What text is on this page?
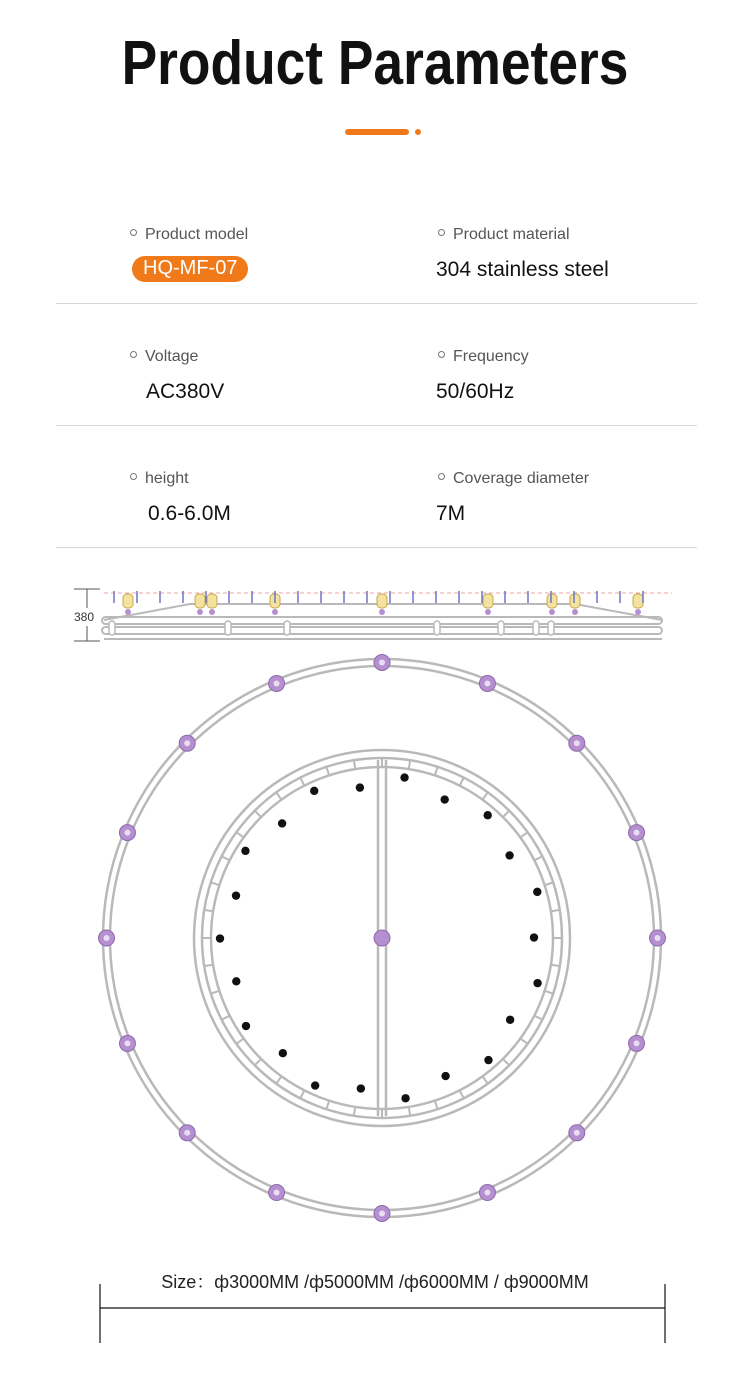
Product Parameters
Product model
HQ-MF-07
Product material
304 stainless steel
Voltage
AC380V
Frequency
50/60Hz
height
0.6-6.0M
Coverage diameter
7M
380
Size：ф3000MM /ф5000MM /ф6000MM / ф9000MM
